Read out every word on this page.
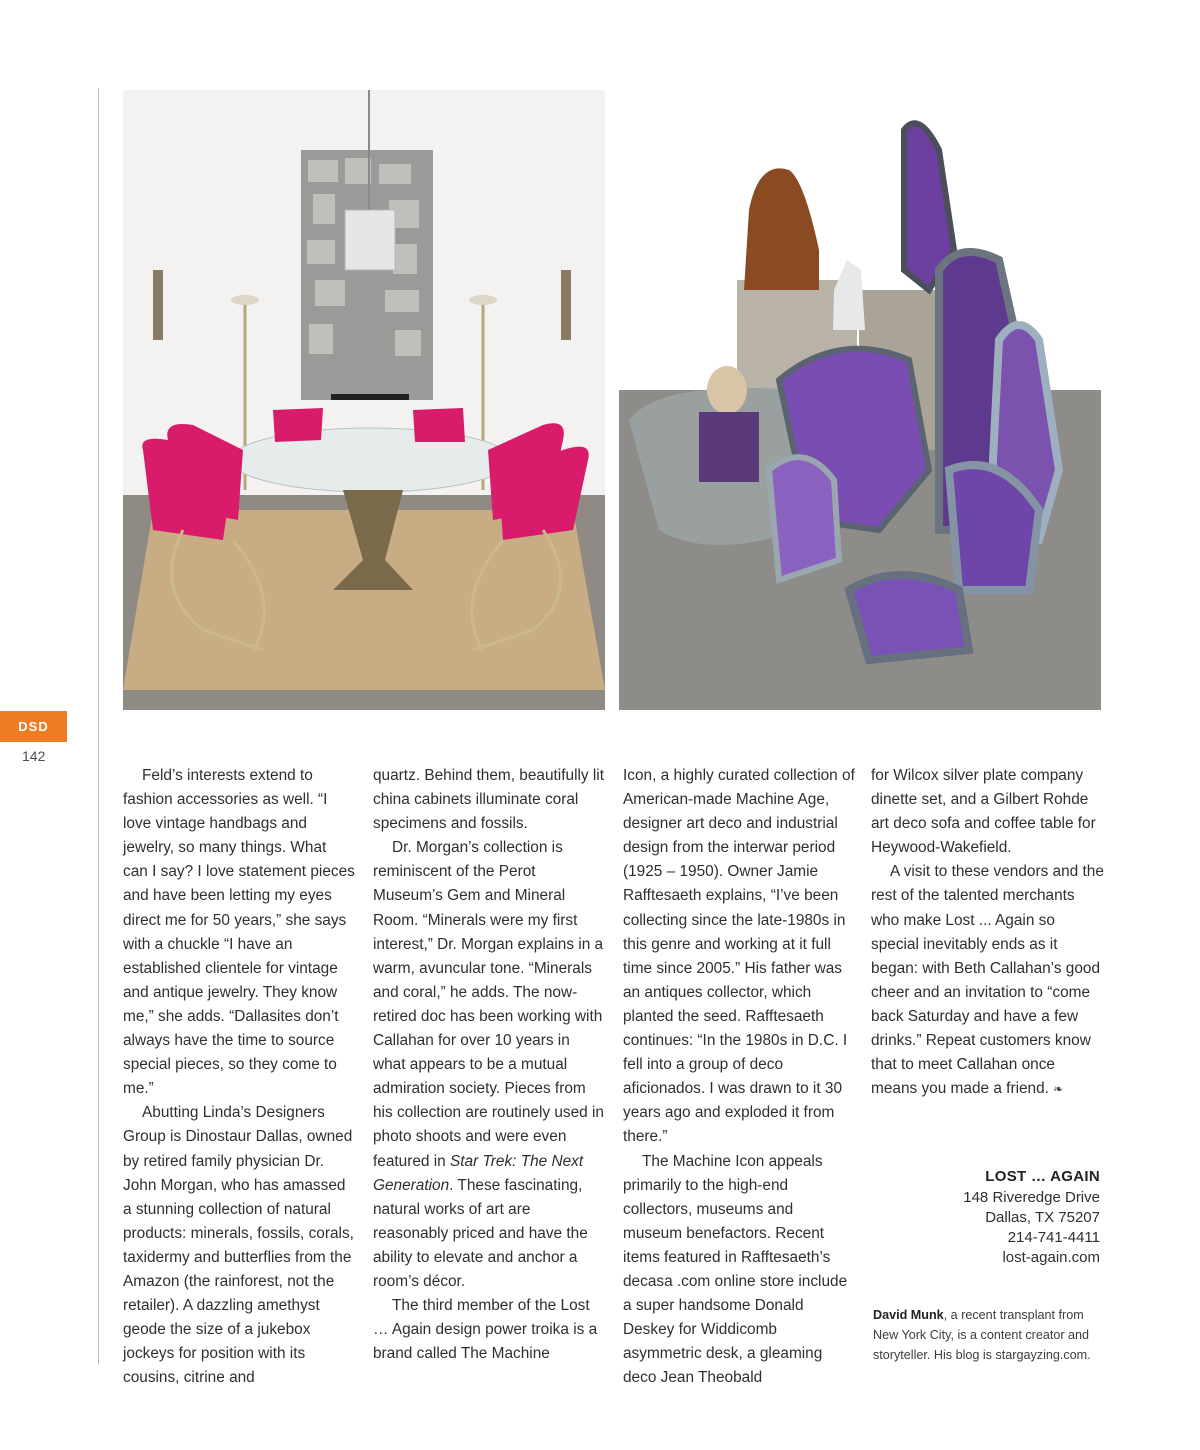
DSD
142

Feld’s interests extend to fashion accessories as well. “I love vintage handbags and jewelry, so many things. What can I say? I love statement pieces and have been letting my eyes direct me for 50 years,” she says with a chuckle “I have an established clientele for vintage and antique jewelry. They know me,” she adds. “Dallasites don’t always have the time to source special pieces, so they come to me.”

Abutting Linda’s Designers Group is Dinostaur Dallas, owned by retired family physician Dr. John Morgan, who has amassed a stunning collection of natural products: minerals, fossils, corals, taxidermy and butterflies from the Amazon (the rainforest, not the retailer). A dazzling amethyst geode the size of a jukebox jockeys for position with its cousins, citrine and

quartz. Behind them, beautifully lit china cabinets illuminate coral specimens and fossils.

Dr. Morgan’s collection is reminiscent of the Perot Museum’s Gem and Mineral Room. “Minerals were my first interest,” Dr. Morgan explains in a warm, avuncular tone. “Minerals and coral,” he adds. The now-retired doc has been working with Callahan for over 10 years in what appears to be a mutual admiration society. Pieces from his collection are routinely used in photo shoots and were even featured in Star Trek: The Next Generation. These fascinating, natural works of art are reasonably priced and have the ability to elevate and anchor a room’s décor.

The third member of the Lost … Again design power troika is a brand called The Machine

Icon, a highly curated collection of American-made Machine Age, designer art deco and industrial design from the interwar period (1925 – 1950). Owner Jamie Rafftesaeth explains, “I’ve been collecting since the late-1980s in this genre and working at it full time since 2005.” His father was an antiques collector, which planted the seed. Rafftesaeth continues: “In the 1980s in D.C. I fell into a group of deco aficionados. I was drawn to it 30 years ago and exploded it from there.”

The Machine Icon appeals primarily to the high-end collectors, museums and museum benefactors. Recent items featured in Rafftesaeth’s decasa .com online store include a super handsome Donald Deskey for Widdicomb asymmetric desk, a gleaming deco Jean Theobald

for Wilcox silver plate company dinette set, and a Gilbert Rohde art deco sofa and coffee table for Heywood-Wakefield.

A visit to these vendors and the rest of the talented merchants who make Lost ... Again so special inevitably ends as it began: with Beth Callahan’s good cheer and an invitation to “come back Saturday and have a few drinks.” Repeat customers know that to meet Callahan once means you made a friend. ❧

LOST … AGAIN
148 Riveredge Drive
Dallas, TX 75207
214-741-4411
lost-again.com
David Munk, a recent transplant from New York City, is a content creator and storyteller. His blog is stargayzing.com.
